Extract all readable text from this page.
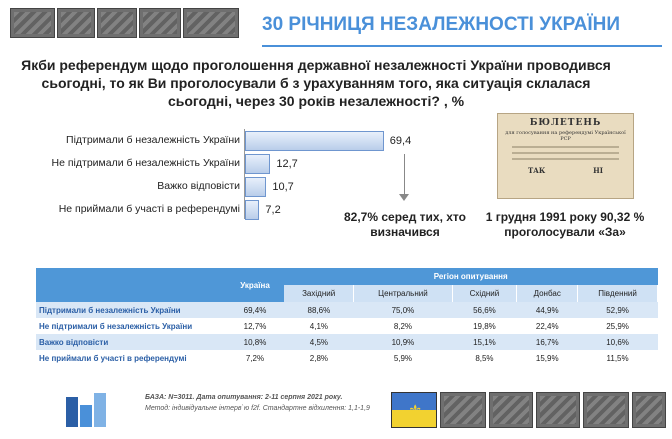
30 РІЧНИЦЯ НЕЗАЛЕЖНОСТІ УКРАЇНИ
Якби референдум щодо проголошення державної незалежності України проводився сьогодні, то як Ви проголосували б з урахуванням того, яка ситуація склалася сьогодні, через 30 років незалежності? , %
Підтримали б незалежність України	69,4
Не підтримали б незалежність України	12,7
Важко відповісти	10,7
Не приймали б участі в референдумі 7,2	82,7% серед тих, хто визначився
БЮЛЕТЕНЬ
для голосування на референдумі Української РСР
ТАК	НІ
1 грудня 1991 року 90,32 % проголосували «За»
	Україна	Регіон опитування				
		Західний	Центральний	Східний	Донбас	Південний
Підтримали б незалежність України	69,4%	88,6%	75,0%	56,6%	44,9%	52,9%
Не підтримали б незалежність України	12,7%	4,1%	8,2%	19,8%	22,4%	25,9%
Важко відповісти	10,8%	4,5%	10,9%	15,1%	16,7%	10,6%
Не приймали б участі в референдумі	7,2%	2,8%	5,9%	8,5%	15,9%	11,5%
БАЗА: N=3011. Дата опитування: 2-11 серпня 2021 року.
Метод: індивідуальне інтерв`ю f2f. Стандартне відхилення: 1,1-1,9 ⚜
